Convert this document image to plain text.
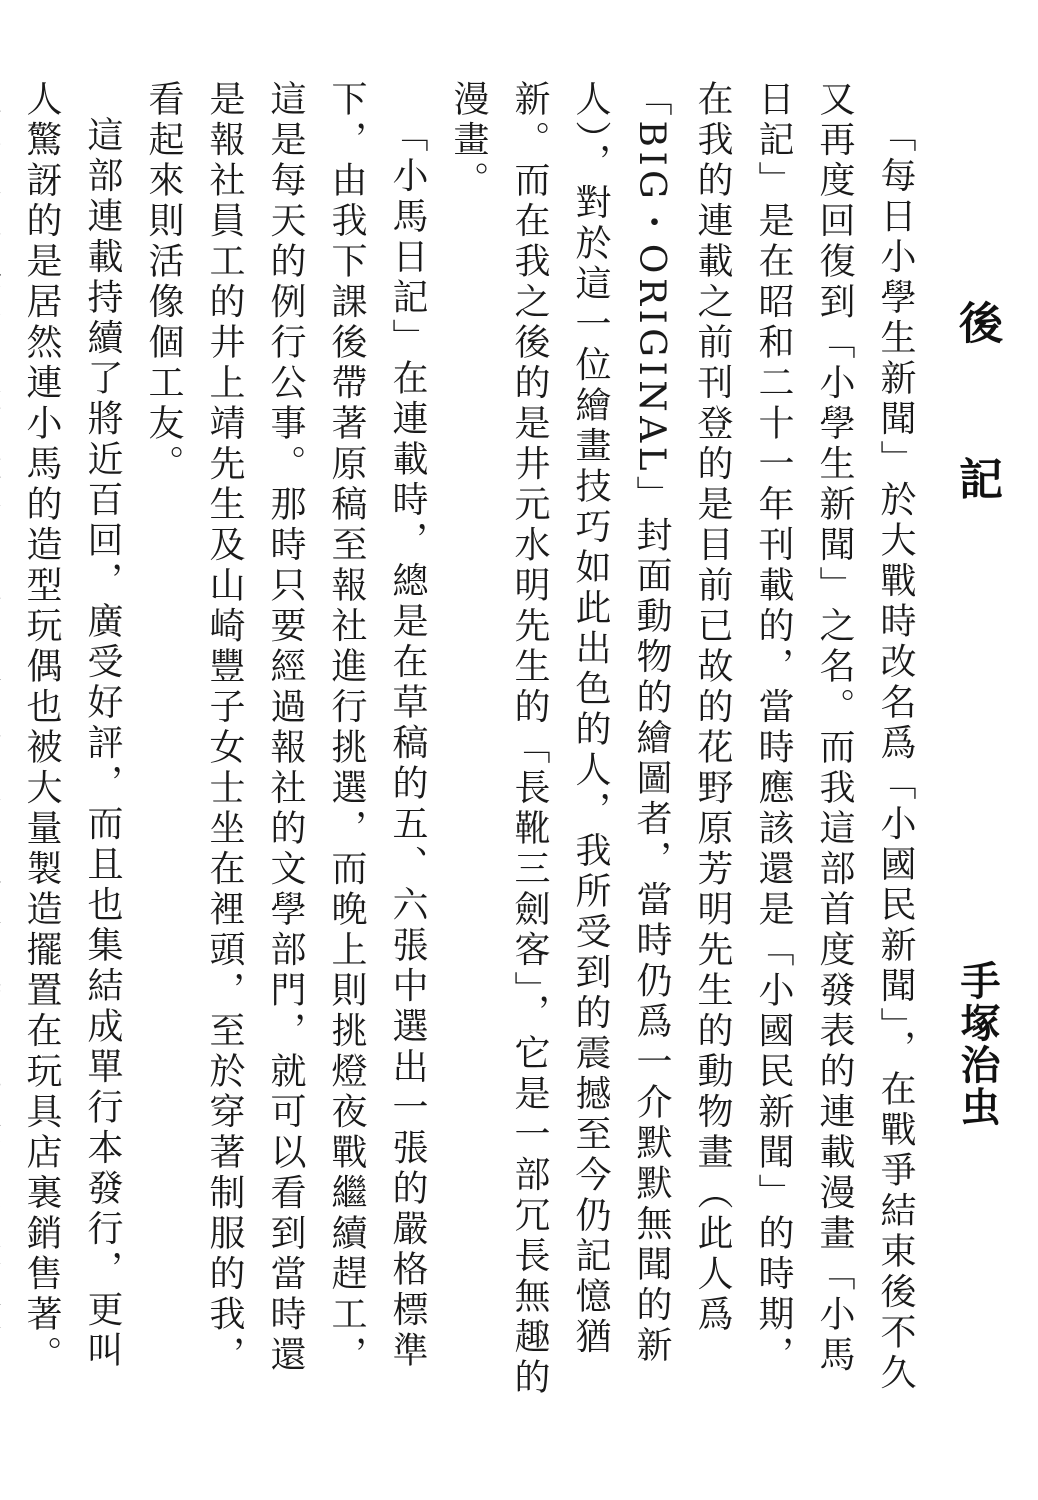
後　記
手塚治虫

「每日小學生新聞」於大戰時改名爲「小國民新聞」，在戰爭結束後不久又再度回復到「小學生新聞」之名。而我這部首度發表的連載漫畫「小馬日記」是在昭和二十一年刊載的，當時應該還是「小國民新聞」的時期，在我的連載之前刊登的是目前已故的花野原芳明先生的動物畫（此人爲「BIG・ORIGINAL」封面動物的繪圖者，當時仍爲一介默默無聞的新人），對於這一位繪畫技巧如此出色的人，我所受到的震撼至今仍記憶猶新。而在我之後的是井元水明先生的「長靴三劍客」，它是一部冗長無趣的漫畫。

「小馬日記」在連載時，總是在草稿的五、六張中選出一張的嚴格標準下，由我下課後帶著原稿至報社進行挑選，而晚上則挑燈夜戰繼續趕工，這是每天的例行公事。那時只要經過報社的文學部門，就可以看到當時還是報社員工的井上靖先生及山崎豐子女士坐在裡頭，至於穿著制服的我，看起來則活像個工友。

這部連載持續了將近百回，廣受好評，而且也集結成單行本發行，更叫人驚訝的是居然連小馬的造型玩偶也被大量製造擺置在玩具店裏銷售著。
